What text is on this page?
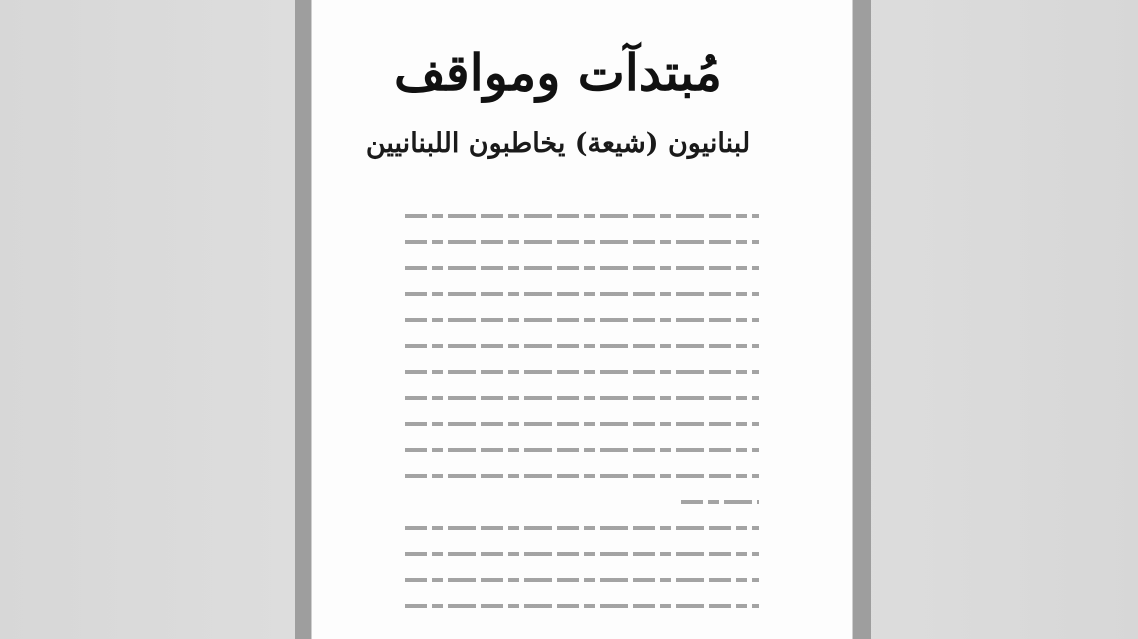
مُبتدآت ومواقف
لبنانيون (شيعة) يخاطبون اللبنانيين
